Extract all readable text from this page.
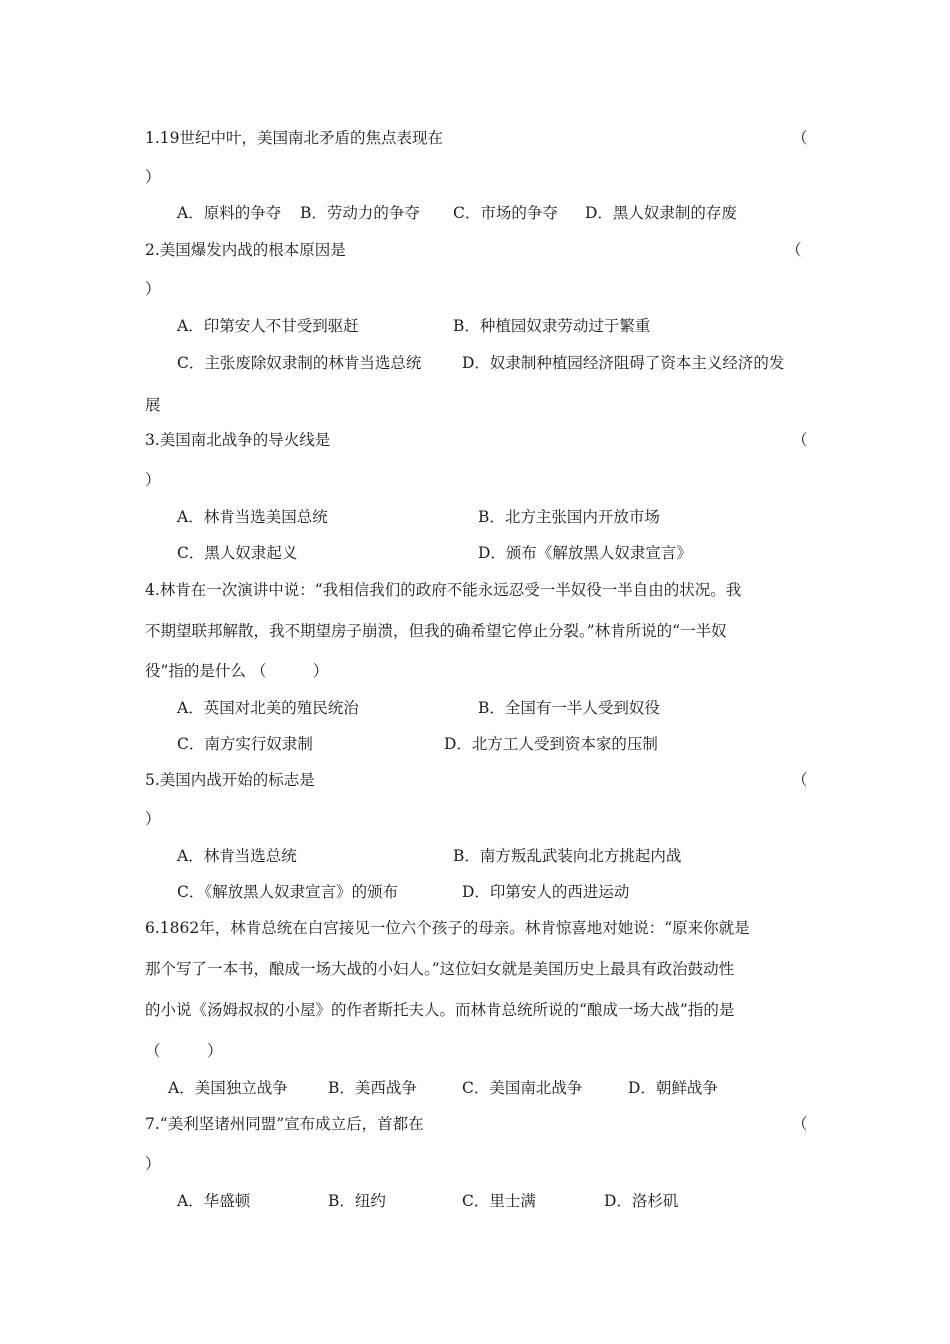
1.19世纪中叶，美国南北矛盾的焦点表现在	（
）
A．原料的争夺 B．劳动力的争夺 C．市场的争夺 D．黑人奴隶制的存废
2.美国爆发内战的根本原因是	（
）
A．印第安人不甘受到驱赶	B．种植园奴隶劳动过于繁重
C．主张废除奴隶制的林肯当选总统	D．奴隶制种植园经济阻碍了资本主义经济的发
展
3.美国南北战争的导火线是	（
）
A．林肯当选美国总统	B．北方主张国内开放市场
C．黑人奴隶起义	D．颁布《解放黑人奴隶宣言》
4.林肯在一次演讲中说：“我相信我们的政府不能永远忍受一半奴役一半自由的状况。我
不期望联邦解散，我不期望房子崩溃，但我的确希望它停止分裂。”林肯所说的“一半奴
役”指的是什么 （　　　）
A．英国对北美的殖民统治	B．全国有一半人受到奴役
C．南方实行奴隶制	D．北方工人受到资本家的压制
5.美国内战开始的标志是	（
）
A．林肯当选总统	B．南方叛乱武装向北方挑起内战
C．《解放黑人奴隶宣言》的颁布	D．印第安人的西进运动
6.1862年，林肯总统在白宫接见一位六个孩子的母亲。林肯惊喜地对她说：“原来你就是
那个写了一本书，酿成一场大战的小妇人。”这位妇女就是美国历史上最具有政治鼓动性
的小说《汤姆叔叔的小屋》的作者斯托夫人。而林肯总统所说的“酿成一场大战”指的是
（　　　）
A．美国独立战争	B．美西战争	C．美国南北战争	D．朝鲜战争
7.“美利坚诸州同盟”宣布成立后，首都在	（
）
A．华盛顿	B．纽约	C．里士满	D．洛杉矶
